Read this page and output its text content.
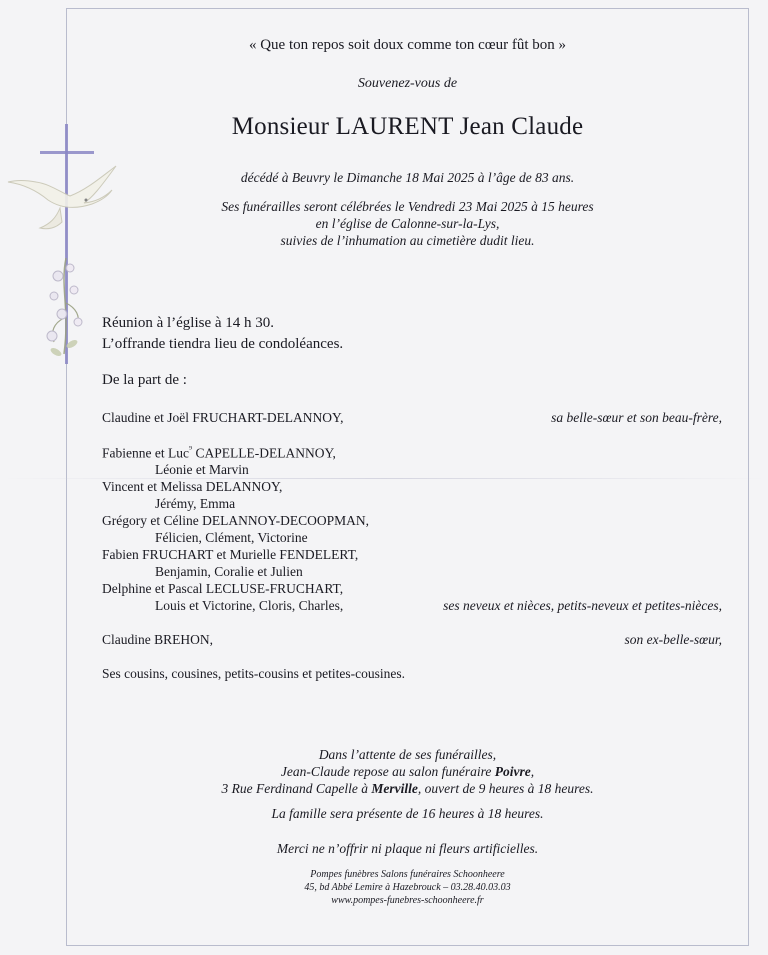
« Que ton repos soit doux comme ton cœur fût bon »
Souvenez-vous de
Monsieur LAURENT Jean Claude
décédé à Beuvry le Dimanche 18 Mai 2025 à l’âge de 83 ans.
Ses funérailles seront célébrées le Vendredi 23 Mai 2025 à 15 heures
en l’église de Calonne-sur-la-Lys,
suivies de l’inhumation au cimetière dudit lieu.
Réunion à l’église à 14 h 30.
L’offrande tiendra lieu de condoléances.
De la part de :
Claudine et Joël FRUCHART-DELANNOY,	sa belle-sœur et son beau-frère,
Fabienne et Luc$^{^9}$ CAPELLE-DELANNOY,
Léonie et Marvin
Vincent et Melissa DELANNOY,
Jérémy, Emma
Grégory et Céline DELANNOY-DECOOPMAN,
Félicien, Clément, Victorine
Fabien FRUCHART et Murielle FENDELERT,
Benjamin, Coralie et Julien
Delphine et Pascal LECLUSE-FRUCHART,
Louis et Victorine, Cloris, Charles,	ses neveux et nièces, petits-neveux et petites-nièces,
Claudine BREHON,	son ex-belle-sœur,
Ses cousins, cousines, petits-cousins et petites-cousines.
Dans l’attente de ses funérailles,
Jean-Claude repose au salon funéraire Poivre,
3 Rue Ferdinand Capelle à Merville, ouvert de 9 heures à 18 heures.
La famille sera présente de 16 heures à 18 heures.
Merci ne n’offrir ni plaque ni fleurs artificielles.
Pompes funèbres Salons funéraires Schoonheere
45, bd Abbé Lemire à Hazebrouck – 03.28.40.03.03
www.pompes-funebres-schoonheere.fr
